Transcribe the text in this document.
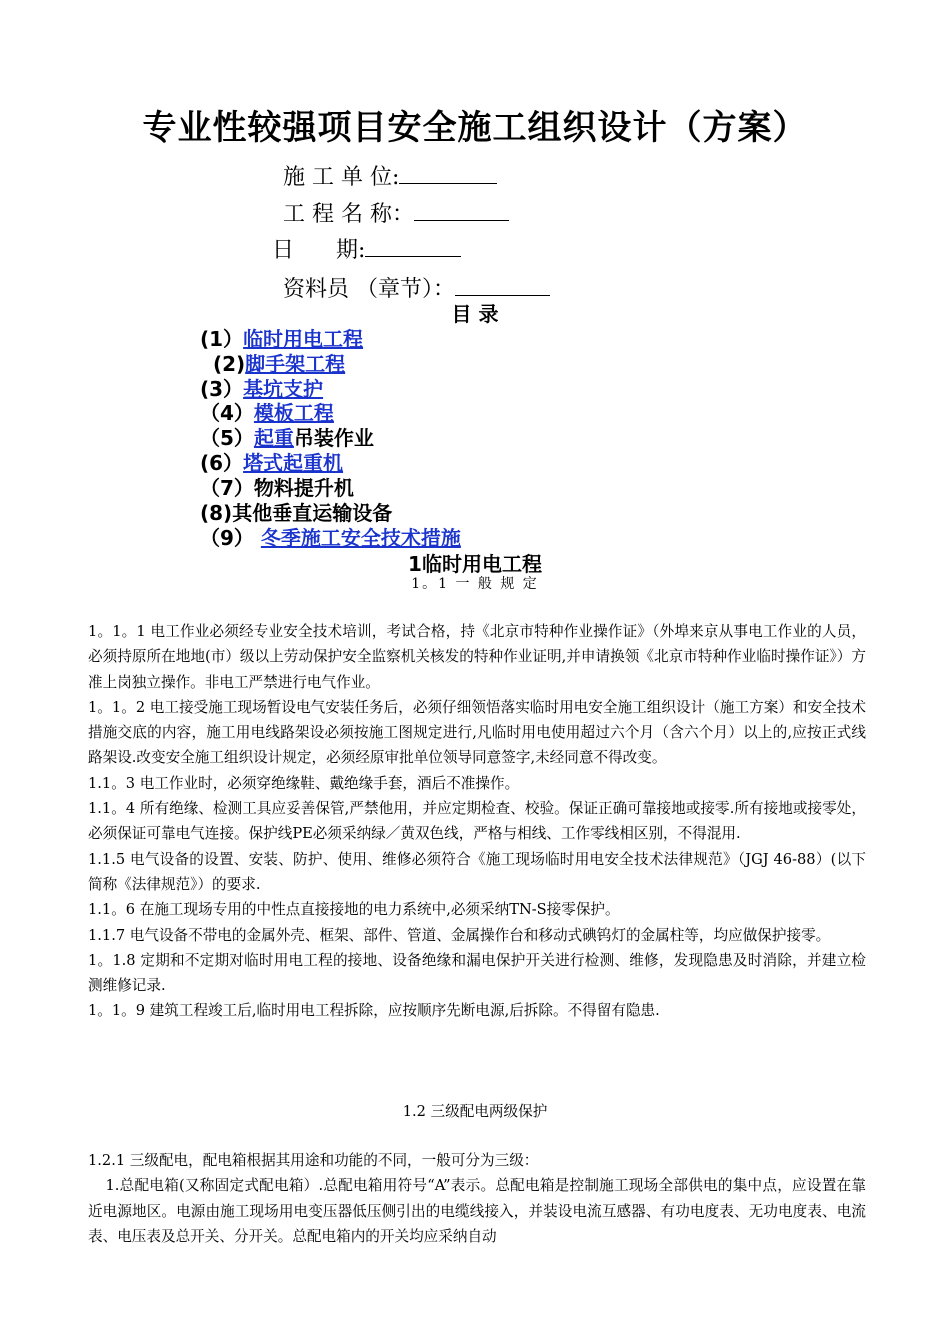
专业性较强项目安全施工组织设计（方案）
施 工 单 位:
工 程 名 称：
日      期:
资料员 （章节）：
目 录
(1）临时用电工程
(2)脚手架工程
(3）基坑支护
（4）模板工程
（5）起重吊装作业
(6）塔式起重机
（7）物料提升机
(8)其他垂直运输设备
（9） 冬季施工安全技术措施
1临时用电工程
1。1 一 般 规 定

1。1。1 电工作业必须经专业安全技术培训，考试合格，持《北京市特种作业操作证》（外埠来京从事电工作业的人员，必须持原所在地地(市）级以上劳动保护安全监察机关核发的特种作业证明,并申请换领《北京市特种作业临时操作证》）方准上岗独立操作。非电工严禁进行电气作业。

1。1。2 电工接受施工现场暂设电气安装任务后，必须仔细领悟落实临时用电安全施工组织设计（施工方案）和安全技术措施交底的内容，施工用电线路架设必须按施工图规定进行,凡临时用电使用超过六个月（含六个月）以上的,应按正式线路架设.改变安全施工组织设计规定，必须经原审批单位领导同意签字,未经同意不得改变。

1.1。3 电工作业时，必须穿绝缘鞋、戴绝缘手套，酒后不准操作。

1.1。4 所有绝缘、检测工具应妥善保管,严禁他用，并应定期检查、校验。保证正确可靠接地或接零.所有接地或接零处，必须保证可靠电气连接。保护线PE必须采纳绿／黄双色线，严格与相线、工作零线相区别，不得混用.

1.1.5 电气设备的设置、安装、防护、使用、维修必须符合《施工现场临时用电安全技术法律规范》（JGJ 46-88）(以下简称《法律规范》）的要求.

1.1。6 在施工现场专用的中性点直接接地的电力系统中,必须采纳TN-S接零保护。

1.1.7 电气设备不带电的金属外壳、框架、部件、管道、金属操作台和移动式碘钨灯的金属柱等，均应做保护接零。

1。1.8 定期和不定期对临时用电工程的接地、设备绝缘和漏电保护开关进行检测、维修，发现隐患及时消除，并建立检测维修记录.

1。1。9 建筑工程竣工后,临时用电工程拆除，应按顺序先断电源,后拆除。不得留有隐患.

1.2 三级配电两级保护

1.2.1 三级配电，配电箱根据其用途和功能的不同，一般可分为三级：

1.总配电箱(又称固定式配电箱）.总配电箱用符号“A”表示。总配电箱是控制施工现场全部供电的集中点，应设置在靠近电源地区。电源由施工现场用电变压器低压侧引出的电缆线接入，并装设电流互感器、有功电度表、无功电度表、电流表、电压表及总开关、分开关。总配电箱内的开关均应采纳自动
